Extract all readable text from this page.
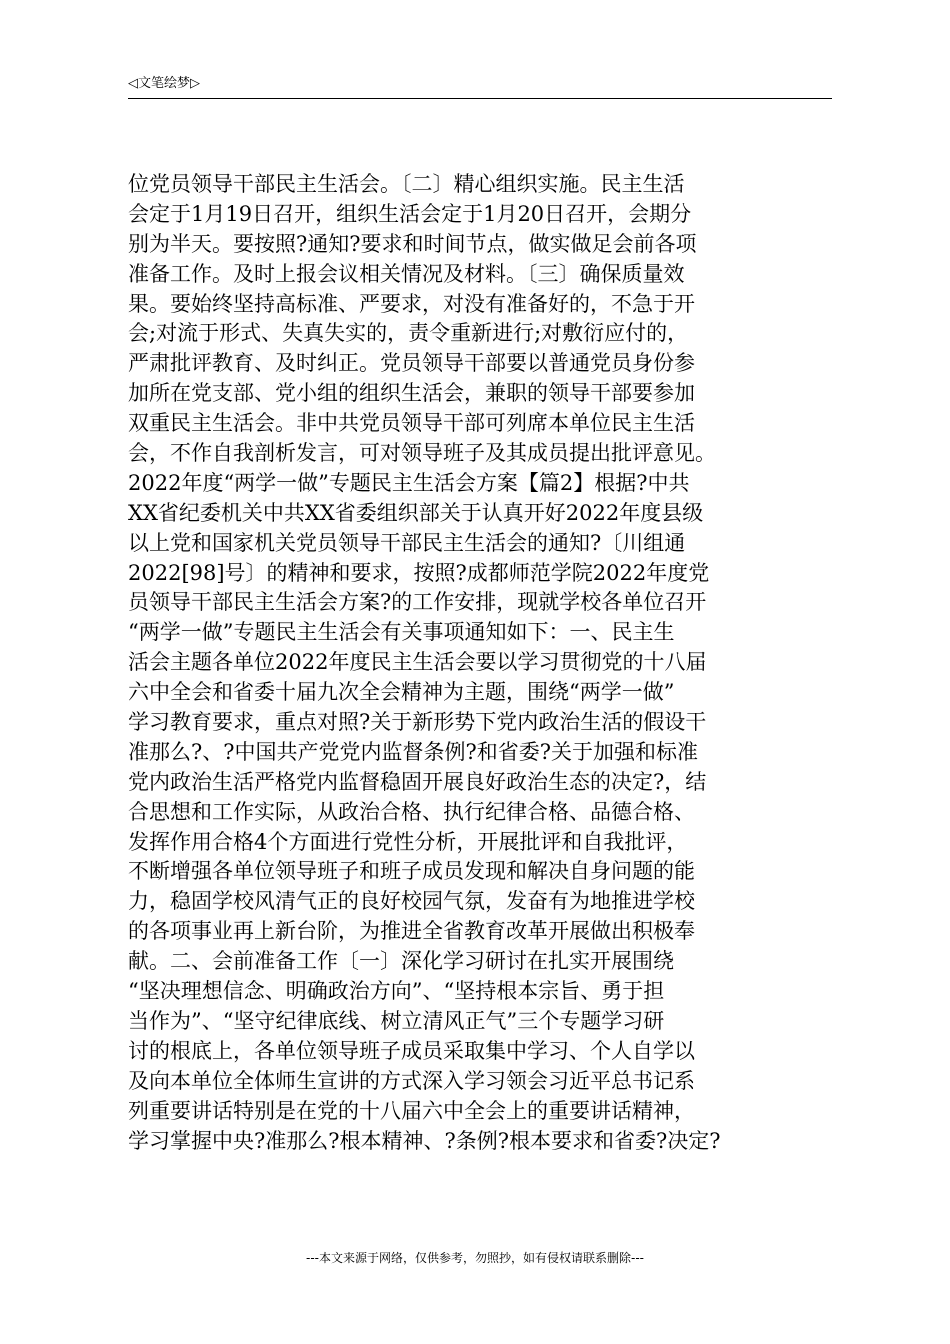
◁文笔绘梦▷
位党员领导干部民主生活会。〔二〕精心组织实施。民主生活
会定于1月19日召开，组织生活会定于1月20日召开，会期分
别为半天。要按照?通知?要求和时间节点，做实做足会前各项
准备工作。及时上报会议相关情况及材料。〔三〕确保质量效
果。要始终坚持高标准、严要求，对没有准备好的，不急于开
会;对流于形式、失真失实的，责令重新进行;对敷衍应付的，
严肃批评教育、及时纠正。党员领导干部要以普通党员身份参
加所在党支部、党小组的组织生活会，兼职的领导干部要参加
双重民主生活会。非中共党员领导干部可列席本单位民主生活
会，不作自我剖析发言，可对领导班子及其成员提出批评意见。
2022年度“两学一做”专题民主生活会方案【篇2】根据?中共
XX省纪委机关中共XX省委组织部关于认真开好2022年度县级
以上党和国家机关党员领导干部民主生活会的通知?〔川组通
2022[98]号〕的精神和要求，按照?成都师范学院2022年度党
员领导干部民主生活会方案?的工作安排，现就学校各单位召开
“两学一做”专题民主生活会有关事项通知如下：一、民主生
活会主题各单位2022年度民主生活会要以学习贯彻党的十八届
六中全会和省委十届九次全会精神为主题，围绕“两学一做”
学习教育要求，重点对照?关于新形势下党内政治生活的假设干
准那么?、?中国共产党党内监督条例?和省委?关于加强和标准
党内政治生活严格党内监督稳固开展良好政治生态的决定?，结
合思想和工作实际，从政治合格、执行纪律合格、品德合格、
发挥作用合格4个方面进行党性分析，开展批评和自我批评，
不断增强各单位领导班子和班子成员发现和解决自身问题的能
力，稳固学校风清气正的良好校园气氛，发奋有为地推进学校
的各项事业再上新台阶，为推进全省教育改革开展做出积极奉
献。二、会前准备工作〔一〕深化学习研讨在扎实开展围绕
“坚决理想信念、明确政治方向”、“坚持根本宗旨、勇于担
当作为”、“坚守纪律底线、树立清风正气”三个专题学习研
讨的根底上，各单位领导班子成员采取集中学习、个人自学以
及向本单位全体师生宣讲的方式深入学习领会习近平总书记系
列重要讲话特别是在党的十八届六中全会上的重要讲话精神，
学习掌握中央?准那么?根本精神、?条例?根本要求和省委?决定?
---本文来源于网络，仅供参考，勿照抄，如有侵权请联系删除---
